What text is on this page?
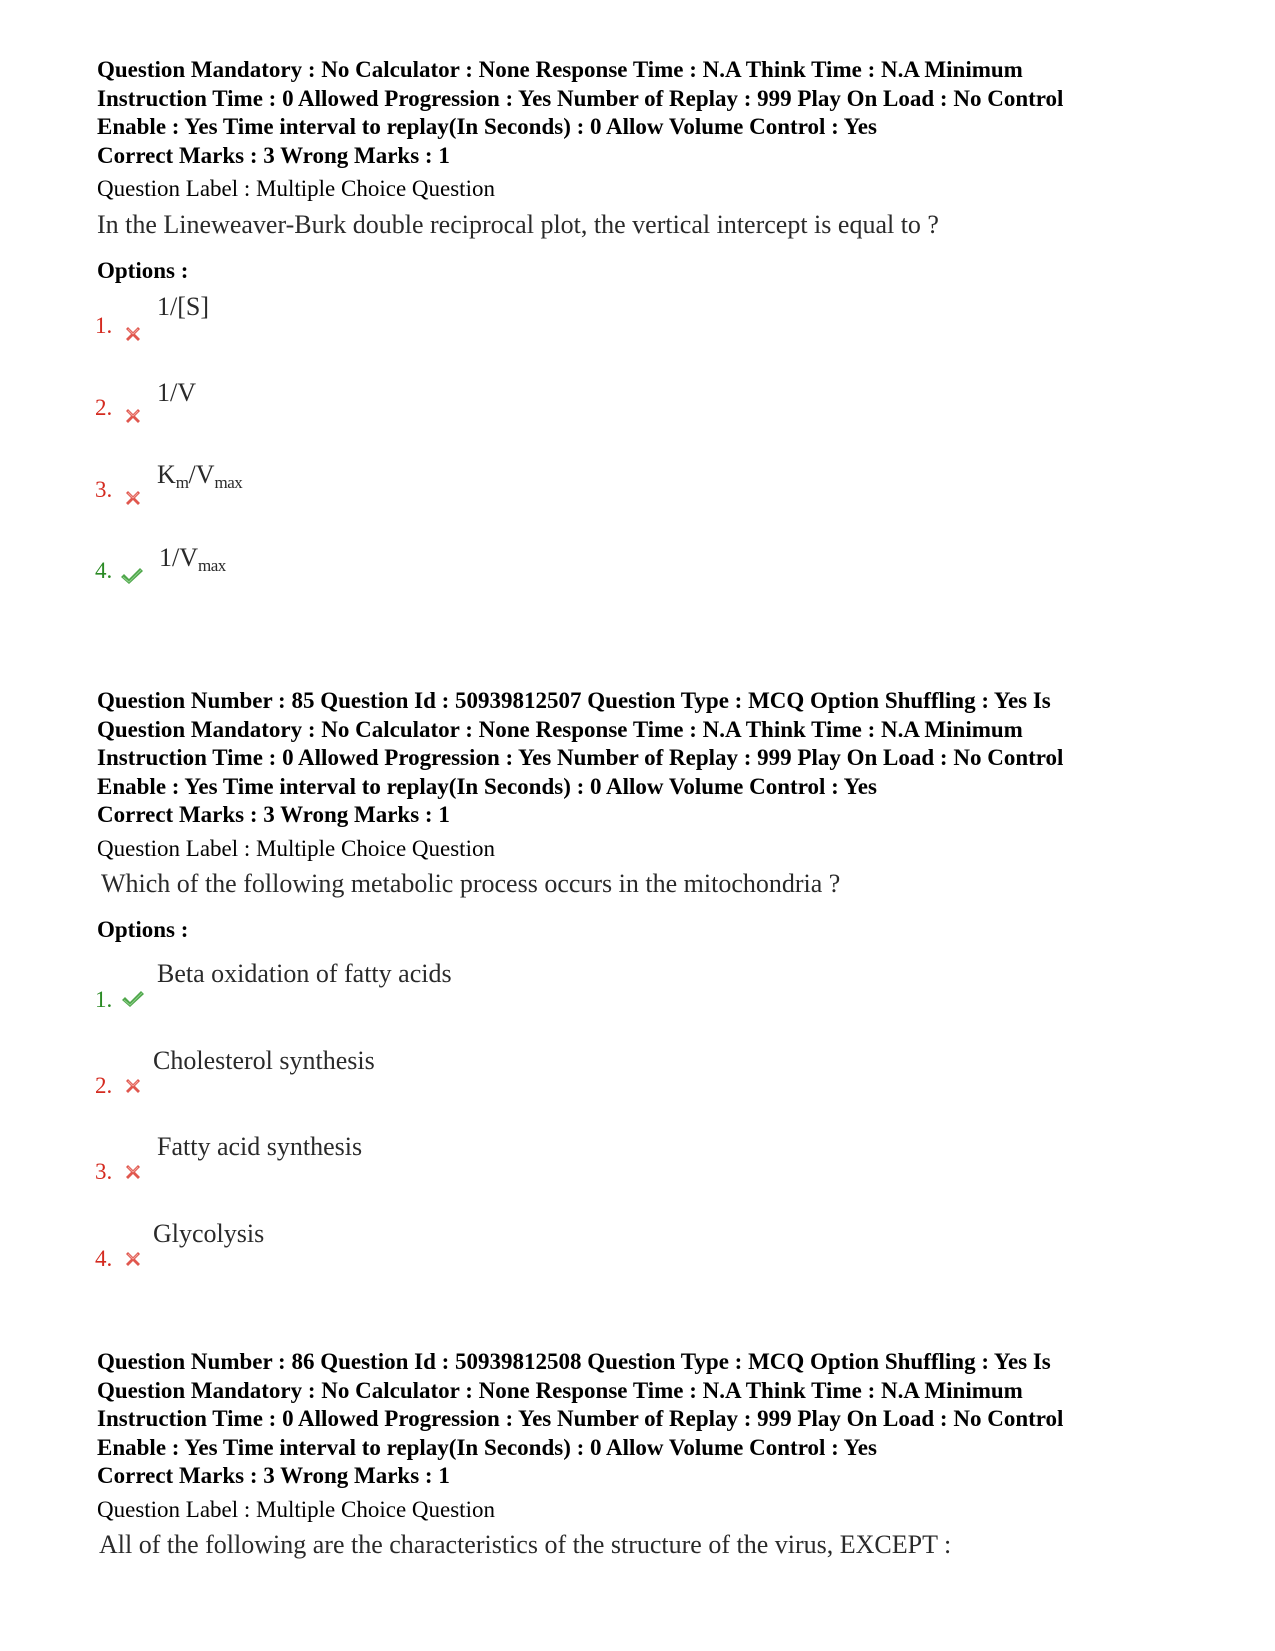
Question Mandatory : No Calculator : None Response Time : N.A Think Time : N.A Minimum
Instruction Time : 0 Allowed Progression : Yes Number of Replay : 999 Play On Load : No Control
Enable : Yes Time interval to replay(In Seconds) : 0 Allow Volume Control : Yes
Correct Marks : 3 Wrong Marks : 1
Question Label : Multiple Choice Question
In the Lineweaver-Burk double reciprocal plot, the vertical intercept is equal to ?
Options :
1.
1/[S]
2.
1/V
3.
$K_m/V_{max}$
4. $1/V_{max}$
Question Number : 85 Question Id : 50939812507 Question Type : MCQ Option Shuffling : Yes Is
Question Mandatory : No Calculator : None Response Time : N.A Think Time : N.A Minimum
Instruction Time : 0 Allowed Progression : Yes Number of Replay : 999 Play On Load : No Control
Enable : Yes Time interval to replay(In Seconds) : 0 Allow Volume Control : Yes
Correct Marks : 3 Wrong Marks : 1
Question Label : Multiple Choice Question
Which of the following metabolic process occurs in the mitochondria ?
Options :
1.
Beta oxidation of fatty acids
2.
Cholesterol synthesis
3.
Fatty acid synthesis
4.
Glycolysis
Question Number : 86 Question Id : 50939812508 Question Type : MCQ Option Shuffling : Yes Is
Question Mandatory : No Calculator : None Response Time : N.A Think Time : N.A Minimum
Instruction Time : 0 Allowed Progression : Yes Number of Replay : 999 Play On Load : No Control
Enable : Yes Time interval to replay(In Seconds) : 0 Allow Volume Control : Yes
Correct Marks : 3 Wrong Marks : 1
Question Label : Multiple Choice Question
All of the following are the characteristics of the structure of the virus, EXCEPT :
